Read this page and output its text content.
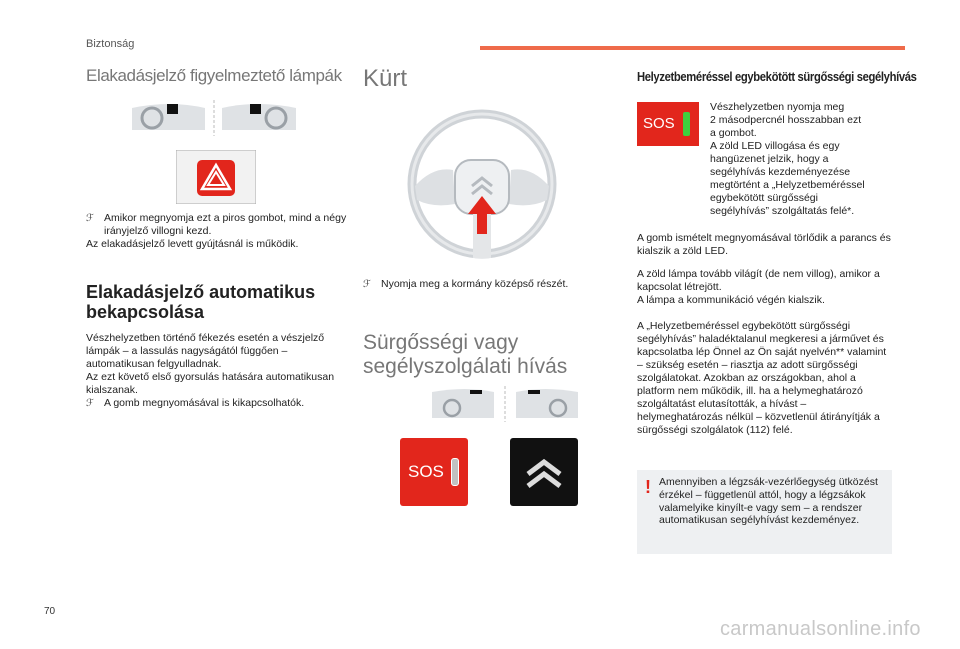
Biztonság
Elakadásjelző figyelmeztető lámpák
ℱ Amikor megnyomja ezt a piros gombot, mind a négy irányjelző villogni kezd.

Az elakadásjelző levett gyújtásnál is működik.

Elakadásjelző automatikus bekapcsolása

Vészhelyzetben történő fékezés esetén a vészjelző lámpák – a lassulás nagyságától függően – automatikusan felgyulladnak.

Az ezt követő első gyorsulás hatására automatikusan kialszanak.

ℱ A gomb megnyomásával is kikapcsolhatók.
Kürt
ℱ Nyomja meg a kormány középső részét.
Sürgősségi vagy
segélyszolgálati hívás
SOS
Helyzetbeméréssel egybekötött sürgősségi segélyhívás
SOS

Vészhelyzetben nyomja meg

2 másodpercnél hosszabban ezt

a gombot.

A zöld LED villogása és egy

hangüzenet jelzik, hogy a

segélyhívás kezdeményezése

megtörtént a „Helyzetbeméréssel

egybekötött sürgősségi

segélyhívás” szolgáltatás felé*.

A gomb ismételt megnyomásával törlődik a parancs és kialszik a zöld LED.

A zöld lámpa tovább világít (de nem villog), amikor a kapcsolat létrejött.

A lámpa a kommunikáció végén kialszik.

A „Helyzetbeméréssel egybekötött sürgősségi segélyhívás” haladéktalanul megkeresi a járművet és kapcsolatba lép Önnel az Ön saját nyelvén** valamint – szükség esetén – riasztja az adott sürgősségi szolgálatokat. Azokban az országokban, ahol a platform nem működik, ill. ha a helymeghatározó szolgáltatást elutasították, a hívást – helymeghatározás nélkül – közvetlenül átirányítják a sürgősségi szolgálatok (112) felé.

! Amennyiben a légzsák-vezérlőegység ütközést érzékel – függetlenül attól, hogy a légzsákok valamelyike kinyílt-e vagy sem – a rendszer automatikusan segélyhívást kezdeményez.

70
carmanualsonline.info
